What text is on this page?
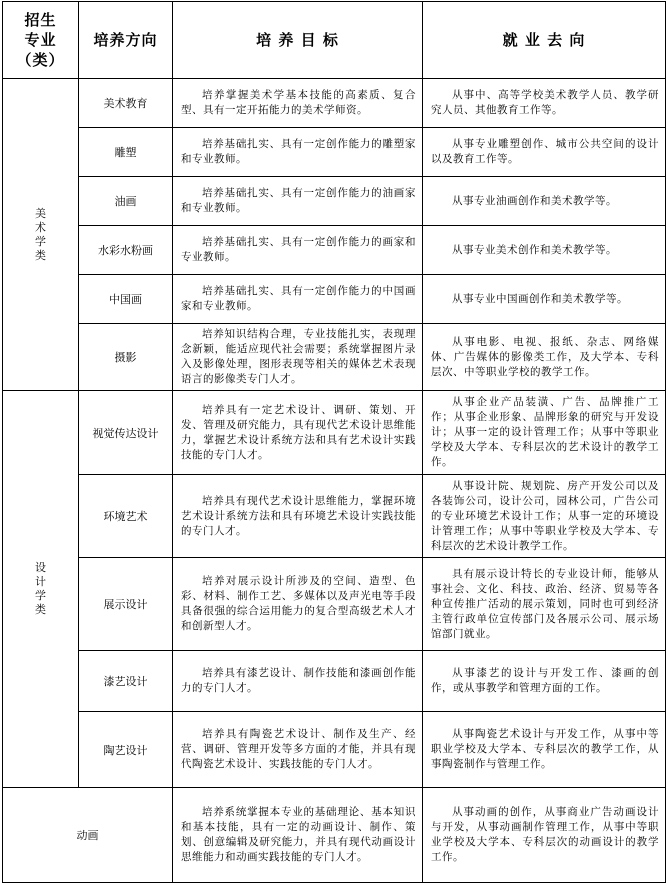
招生
专业
（类）	培养方向	培 养 目 标	就 业 去 向
美术学类	美术教育	培养掌握美术学基本技能的高素质、复合型、具有一定开拓能力的美术学师资。	从事中、高等学校美术教学人员、教学研究人员、其他教育工作等。
	雕塑	培养基础扎实、具有一定创作能力的雕塑家和专业教师。	从事专业雕塑创作、城市公共空间的设计以及教育工作等。
	油画	培养基础扎实、具有一定创作能力的油画家和专业教师。	从事专业油画创作和美术教学等。
	水彩水粉画	培养基础扎实、具有一定创作能力的画家和专业教师。	从事专业美术创作和美术教学等。
	中国画	培养基础扎实、具有一定创作能力的中国画家和专业教师。	从事专业中国画创作和美术教学等。
	摄影	培养知识结构合理，专业技能扎实，表现理念新颖，能适应现代社会需要；系统掌握图片录入及影像处理，图形表现等相关的媒体艺术表现语言的影像类专门人才。	从事电影、电视、报纸、杂志、网络媒体、广告媒体的影像类工作，及大学本、专科层次、中等职业学校的教学工作。
设计学类	视觉传达设计	培养具有一定艺术设计、调研、策划、开发、管理及研究能力，具有现代艺术设计思维能力，掌握艺术设计系统方法和具有艺术设计实践技能的专门人才。	从事企业产品装潢、广告、品牌推广工作；从事企业形象、品牌形象的研究与开发设计；从事一定的设计管理工作；从事中等职业学校及大学本、专科层次的艺术设计的教学工作。
	环境艺术	培养具有现代艺术设计思维能力，掌握环境艺术设计系统方法和具有环境艺术设计实践技能的专门人才。	从事设计院、规划院、房产开发公司以及各装饰公司，设计公司，园林公司，广告公司的专业环境艺术设计工作；从事一定的环境设计管理工作；从事中等职业学校及大学本、专科层次的艺术设计教学工作。
	展示设计	培养对展示设计所涉及的空间、造型、色彩、材料、制作工艺、多媒体以及声光电等手段具备很强的综合运用能力的复合型高级艺术人才和创新型人才。	具有展示设计特长的专业设计师，能够从事社会、文化、科技、政治、经济、贸易等各种宣传推广活动的展示策划，同时也可到经济主管行政单位宣传部门及各展示公司、展示场馆部门就业。
	漆艺设计	培养具有漆艺设计、制作技能和漆画创作能力的专门人才。	从事漆艺的设计与开发工作、漆画的创作，或从事教学和管理方面的工作。
	陶艺设计	培养具有陶瓷艺术设计、制作及生产、经营、调研、管理开发等多方面的才能，并具有现代陶瓷艺术设计、实践技能的专门人才。	从事陶瓷艺术设计与开发工作，从事中等职业学校及大学本、专科层次的教学工作，从事陶瓷制作与管理工作。
动画		培养系统掌握本专业的基础理论、基本知识和基本技能，具有一定的动画设计、制作、策划、创意编辑及研究能力，并具有现代动画设计思维能力和动画实践技能的专门人才。	从事动画的创作，从事商业广告动画设计与开发，从事动画制作管理工作，从事中等职业学校及大学本、专科层次的动画设计的教学工作。
